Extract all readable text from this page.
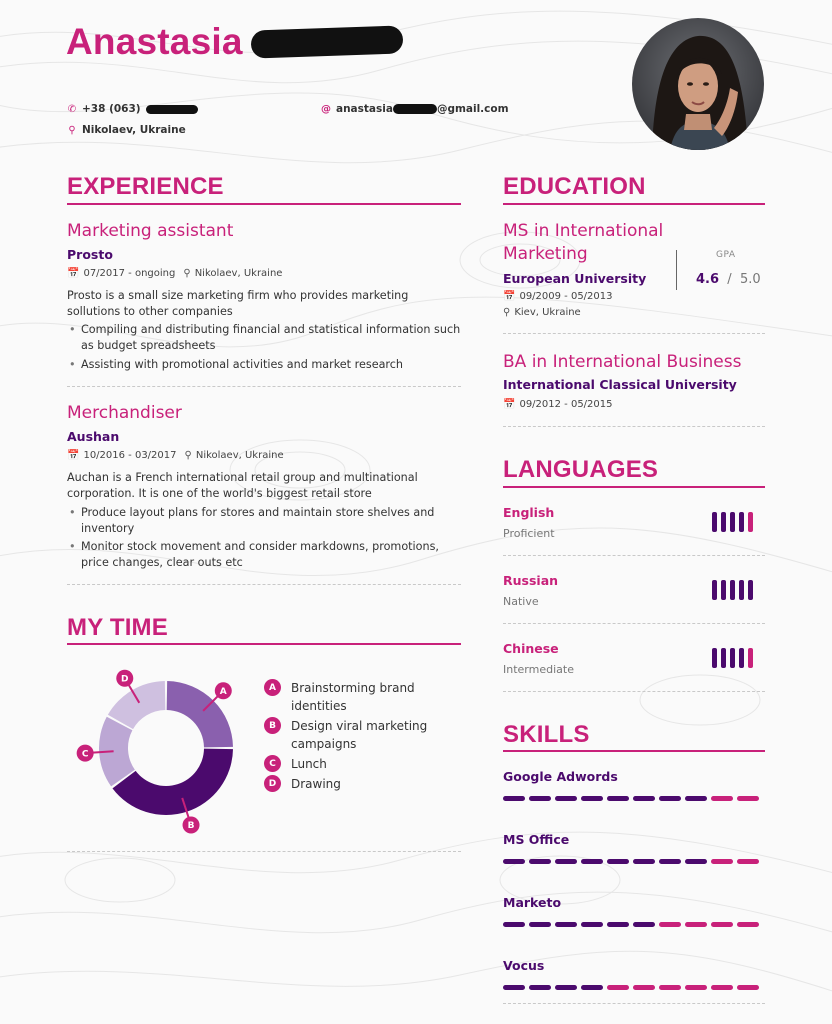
Anastasia
✆ +38 (063)
⚲ Nikolaev, Ukraine
@ anastasia	@gmail.com
EXPERIENCE
Marketing assistant
Prosto
📅 07/2017 - ongoing ⚲ Nikolaev, Ukraine
Prosto is a small size marketing firm who provides marketing sollutions to other companies
• Compiling and distributing financial and statistical information such as budget spreadsheets
• Assisting with promotional activities and market research
Merchandiser
Aushan
📅 10/2016 - 03/2017 ⚲ Nikolaev, Ukraine
Auchan is a French international retail group and multinational corporation. It is one of the world's biggest retail store
• Produce layout plans for stores and maintain store shelves and inventory
• Monitor stock movement and consider markdowns, promotions, price changes, clear outs etc
MY TIME
A
B
C
D
A	Brainstorming brand identities
B	Design viral marketing campaigns
C	Lunch
D	Drawing
EDUCATION
MS in International
Marketing
European University
📅 09/2009 - 05/2013
⚲ Kiev, Ukraine
GPA
4.6 / 5.0
BA in International Business
International Classical University
📅 09/2012 - 05/2015
LANGUAGES
English
Proficient
Russian
Native
Chinese
Intermediate
SKILLS
Google Adwords
MS Office
Marketo
Vocus
